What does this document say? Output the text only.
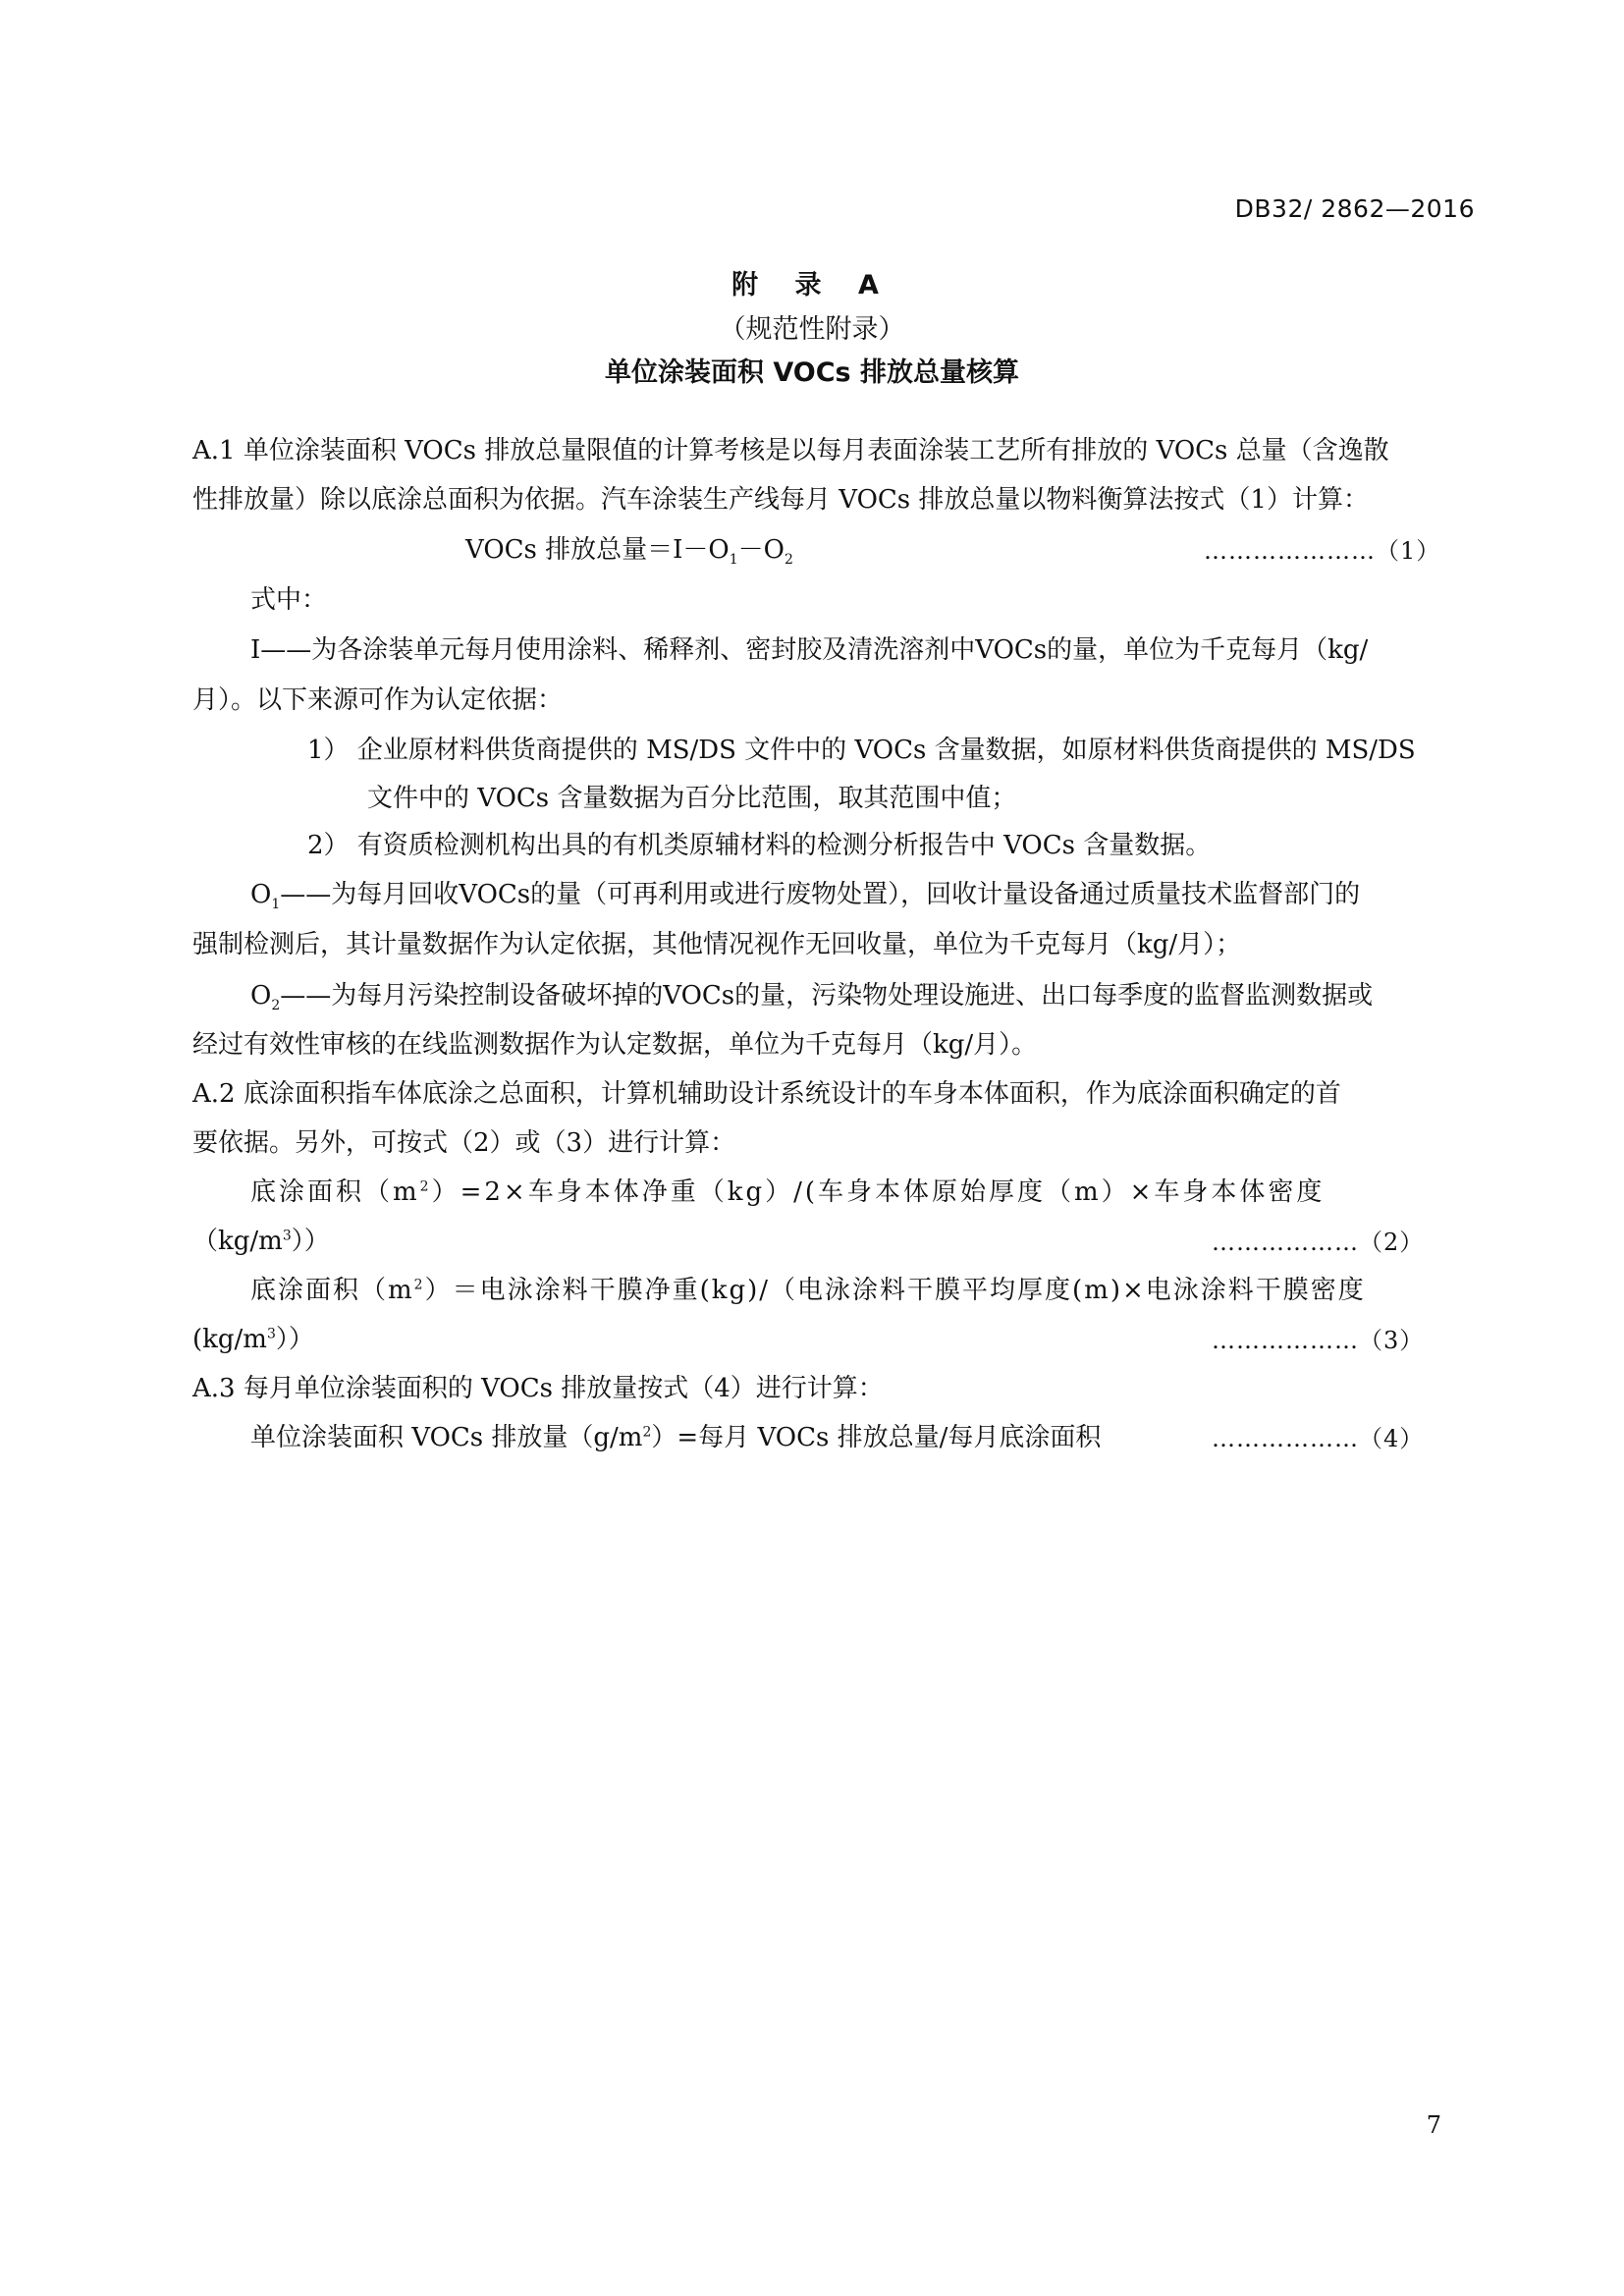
DB32/ 2862—2016
附 录 A
（规范性附录）
单位涂装面积 VOCs 排放总量核算
A.1 单位涂装面积 VOCs 排放总量限值的计算考核是以每月表面涂装工艺所有排放的 VOCs 总量（含逸散
性排放量）除以底涂总面积为依据。汽车涂装生产线每月 VOCs 排放总量以物料衡算法按式（1）计算：
VOCs 排放总量$=I-O_1-O_2$	…………………（1）
式中：
I——为各涂装单元每月使用涂料、稀释剂、密封胶及清洗溶剂中VOCs的量，单位为千克每月（kg/
月）。以下来源可作为认定依据：
1） 企业原材料供货商提供的 MS/DS 文件中的 VOCs 含量数据，如原材料供货商提供的 MS/DS
文件中的 VOCs 含量数据为百分比范围，取其范围中值；
2） 有资质检测机构出具的有机类原辅材料的检测分析报告中 VOCs 含量数据。
$O_1——$为每月回收VOCs的量（可再利用或进行废物处置），回收计量设备通过质量技术监督部门的
强制检测后，其计量数据作为认定依据，其他情况视作无回收量，单位为千克每月（kg/月）；
$O_2——$为每月污染控制设备破坏掉的VOCs的量，污染物处理设施进、出口每季度的监督监测数据或
经过有效性审核的在线监测数据作为认定数据，单位为千克每月（kg/月）。
A.2 底涂面积指车体底涂之总面积，计算机辅助设计系统设计的车身本体面积，作为底涂面积确定的首
要依据。另外，可按式（2）或（3）进行计算：
底涂面积$(m^2)=2\times$车身本体净重（kg）/(车身本体原始厚度（m）×车身本体密度
$(kg/m^3)$）	………………（2）
底涂面积$(m^2)=$电泳涂料干膜净重(kg)/（电泳涂料干膜平均厚度(m)×电泳涂料干膜密度
$(kg/m^3)$）	………………（3）
A.3 每月单位涂装面积的 VOCs 排放量按式（4）进行计算：
单位涂装面积 VOCs 排放量$(g/m^2)=$每月 VOCs 排放总量/每月底涂面积	………………（4）
7
